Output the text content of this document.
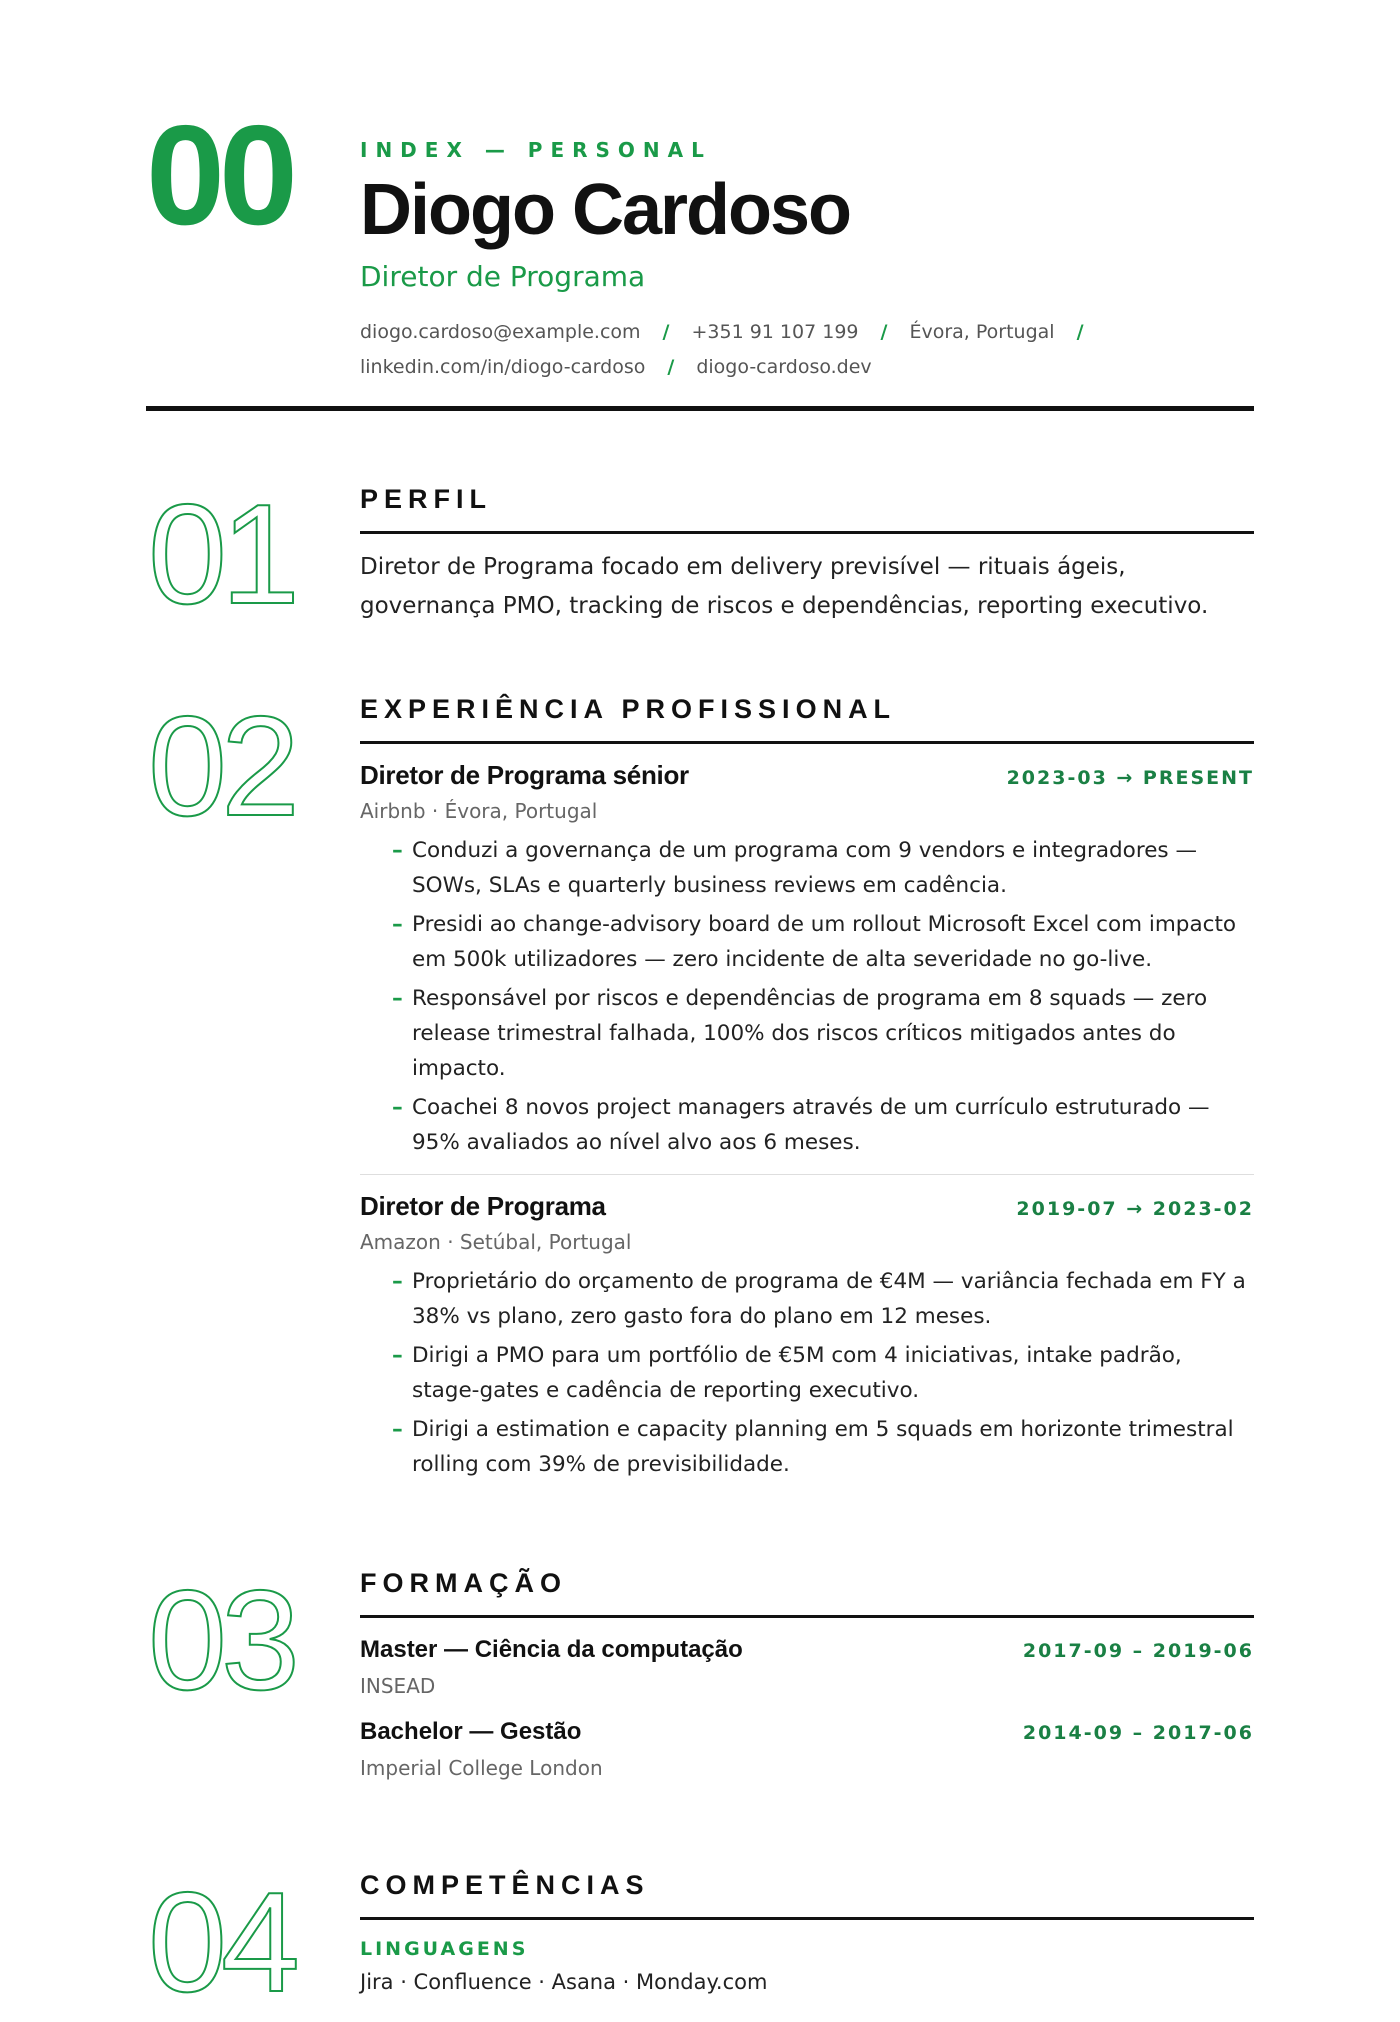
00	INDEX — PERSONAL
Diogo Cardoso
Diretor de Programa
diogo.cardoso@example.com / +351 91 107 199 / Évora, Portugal /
linkedin.com/in/diogo-cardoso / diogo-cardoso.dev
01 PERFIL
Diretor de Programa focado em delivery previsível — rituais ágeis, governança PMO, tracking de riscos e dependências, reporting executivo.
02 EXPERIÊNCIA PROFISSIONAL
Diretor de Programa sénior	2023-03 → PRESENT
Airbnb · Évora, Portugal
– Conduzi a governança de um programa com 9 vendors e integradores — SOWs, SLAs e quarterly business reviews em cadência.
– Presidi ao change-advisory board de um rollout Microsoft Excel com impacto em 500k utilizadores — zero incidente de alta severidade no go-live.
– Responsável por riscos e dependências de programa em 8 squads — zero release trimestral falhada, 100% dos riscos críticos mitigados antes do impacto.
– Coachei 8 novos project managers através de um currículo estruturado — 95% avaliados ao nível alvo aos 6 meses.
Diretor de Programa	2019-07 → 2023-02
Amazon · Setúbal, Portugal
– Proprietário do orçamento de programa de €4M — variância fechada em FY a 38% vs plano, zero gasto fora do plano em 12 meses.
– Dirigi a PMO para um portfólio de €5M com 4 iniciativas, intake padrão, stage-gates e cadência de reporting executivo.
– Dirigi a estimation e capacity planning em 5 squads em horizonte trimestral rolling com 39% de previsibilidade.
03 FORMAÇÃO
Master — Ciência da computação	2017-09 – 2019-06
INSEAD
Bachelor — Gestão	2014-09 – 2017-06
Imperial College London
04 COMPETÊNCIAS
LINGUAGENS
Jira · Confluence · Asana · Monday.com
